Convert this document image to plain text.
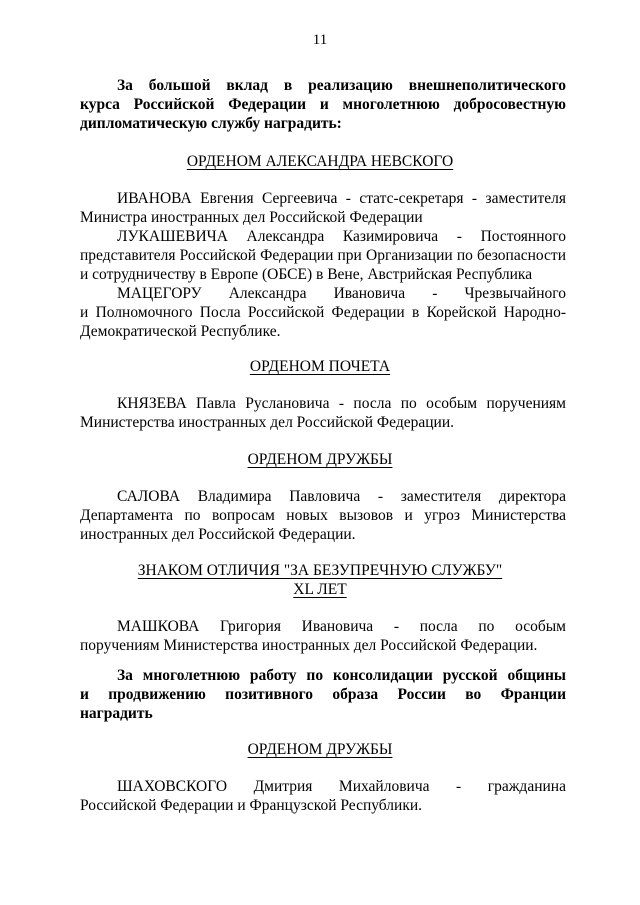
11
За большой вклад в реализацию внешнеполитического
курса Российской Федерации и многолетнюю добросовестную
дипломатическую службу наградить:
ОРДЕНОМ АЛЕКСАНДРА НЕВСКОГО
ИВАНОВА Евгения Сергеевича - статс-секретаря - заместителя
Министра иностранных дел Российской Федерации
ЛУКАШЕВИЧА Александра Казимировича - Постоянного
представителя Российской Федерации при Организации по безопасности
и сотрудничеству в Европе (ОБСЕ) в Вене, Австрийская Республика
МАЦЕГОРУ Александра Ивановича - Чрезвычайного
и Полномочного Посла Российской Федерации в Корейской Народно-
Демократической Республике.
ОРДЕНОМ ПОЧЕТА
КНЯЗЕВА Павла Руслановича - посла по особым поручениям
Министерства иностранных дел Российской Федерации.
ОРДЕНОМ ДРУЖБЫ
САЛОВА Владимира Павловича - заместителя директора
Департамента по вопросам новых вызовов и угроз Министерства
иностранных дел Российской Федерации.
ЗНАКОМ ОТЛИЧИЯ "ЗА БЕЗУПРЕЧНУЮ СЛУЖБУ"
XL ЛЕТ
МАШКОВА Григория Ивановича - посла по особым
поручениям Министерства иностранных дел Российской Федерации.
За многолетнюю работу по консолидации русской общины
и продвижению позитивного образа России во Франции
наградить
ОРДЕНОМ ДРУЖБЫ
ШАХОВСКОГО Дмитрия Михайловича - гражданина
Российской Федерации и Французской Республики.
